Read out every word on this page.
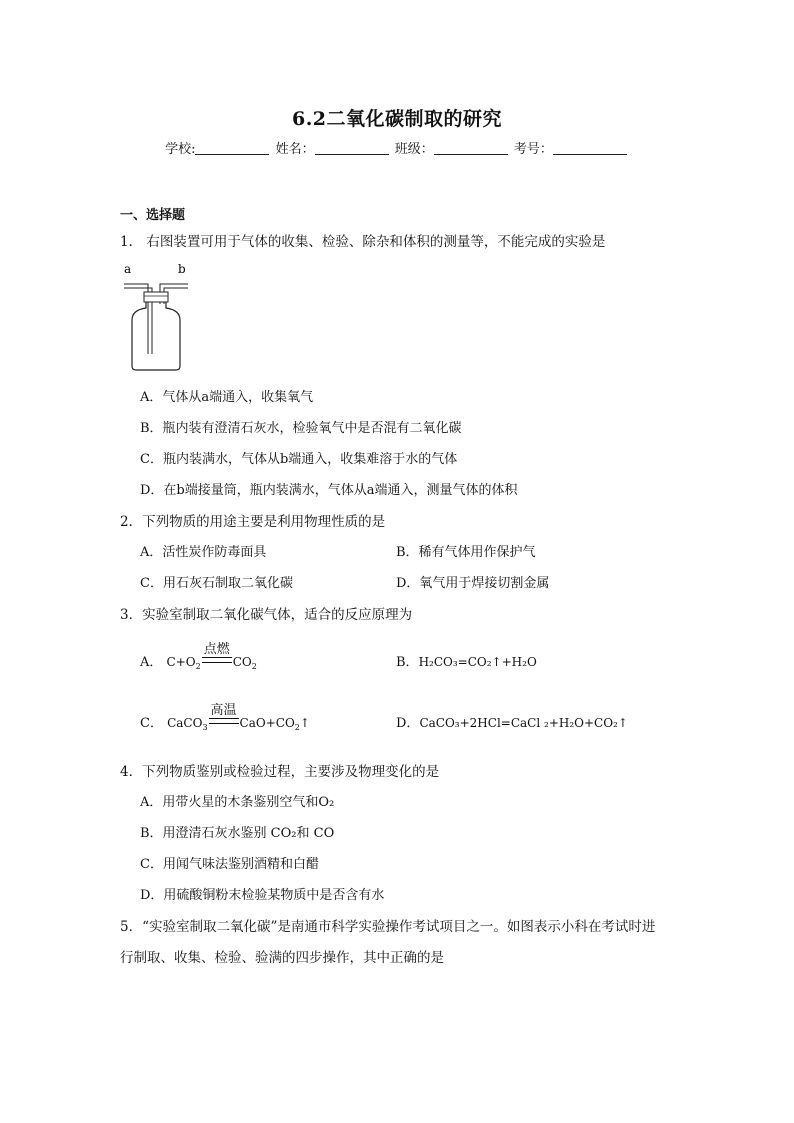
6.2二氧化碳制取的研究
学校:	姓名：	班级：	考号：
一、选择题
1． 右图装置可用于气体的收集、检验、除杂和体积的测量等，不能完成的实验是
a	b
A．气体从a端通入，收集氧气
B．瓶内装有澄清石灰水，检验氧气中是否混有二氧化碳
C．瓶内装满水，气体从b端通入，收集难溶于水的气体
D．在b端接量筒，瓶内装满水，气体从a端通入，测量气体的体积
2．下列物质的用途主要是利用物理性质的是
A．活性炭作防毒面具	B．稀有气体用作保护气
C．用石灰石制取二氧化碳	D．氧气用于焊接切割金属
3．实验室制取二氧化碳气体，适合的反应原理为
A． $C+O_2$
点燃
$CO_2$	B．H₂CO₃=CO₂↑+H₂O
C． CaCO$_3$
高温
$CaO+CO_2↑$	D．CaCO₃+2HCl=CaCl ₂+H₂O+CO₂↑
4．下列物质鉴别或检验过程，主要涉及物理变化的是
A．用带火星的木条鉴别空气和O₂
B．用澄清石灰水鉴别 CO₂和 CO
C．用闻气味法鉴别酒精和白醋
D．用硫酸铜粉末检验某物质中是否含有水
5．“实验室制取二氧化碳”是南通市科学实验操作考试项目之一。如图表示小科在考试时进
行制取、收集、检验、验满的四步操作，其中正确的是
